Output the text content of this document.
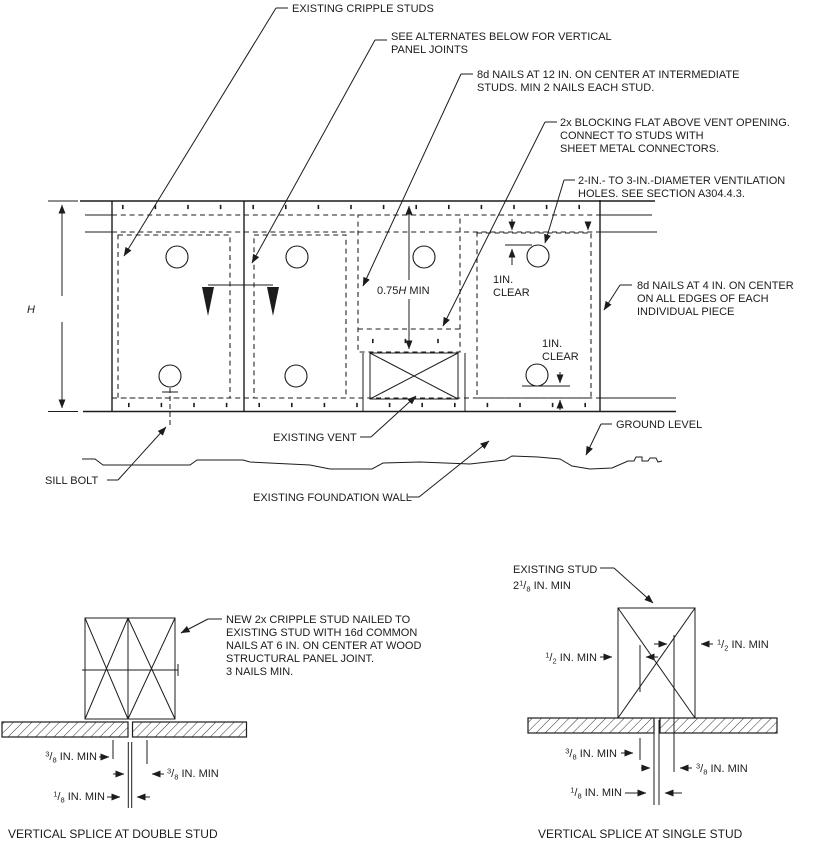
H
0.75H MIN
1IN.
CLEAR
1IN.
CLEAR
EXISTING CRIPPLE STUDS
SEE ALTERNATES BELOW FOR VERTICAL
PANEL JOINTS
8d NAILS AT 12 IN. ON CENTER AT INTERMEDIATE
STUDS. MIN 2 NAILS EACH STUD.
2x BLOCKING FLAT ABOVE VENT OPENING.
CONNECT TO STUDS WITH
SHEET METAL CONNECTORS.
2-IN.- TO 3-IN.-DIAMETER VENTILATION
HOLES. SEE SECTION A304.4.3.
8d NAILS AT 4 IN. ON CENTER
ON ALL EDGES OF EACH
INDIVIDUAL PIECE
GROUND LEVEL
SILL BOLT
EXISTING VENT
EXISTING FOUNDATION WALL
$^3/_8$ IN. MIN
$^3/_8$ IN. MIN
$^1/_8$ IN. MIN
NEW 2x CRIPPLE STUD NAILED TO
EXISTING STUD WITH 16d COMMON
NAILS AT 6 IN. ON CENTER AT WOOD
STRUCTURAL PANEL JOINT.
3 NAILS MIN.
VERTICAL SPLICE AT DOUBLE STUD
$^1/_2$ IN. MIN
$^1/_2$ IN. MIN
$^3/_8$ IN. MIN
$^3/_8$ IN. MIN
$^1/_8$ IN. MIN
EXISTING STUD
$2^1/_8$ IN. MIN
VERTICAL SPLICE AT SINGLE STUD
